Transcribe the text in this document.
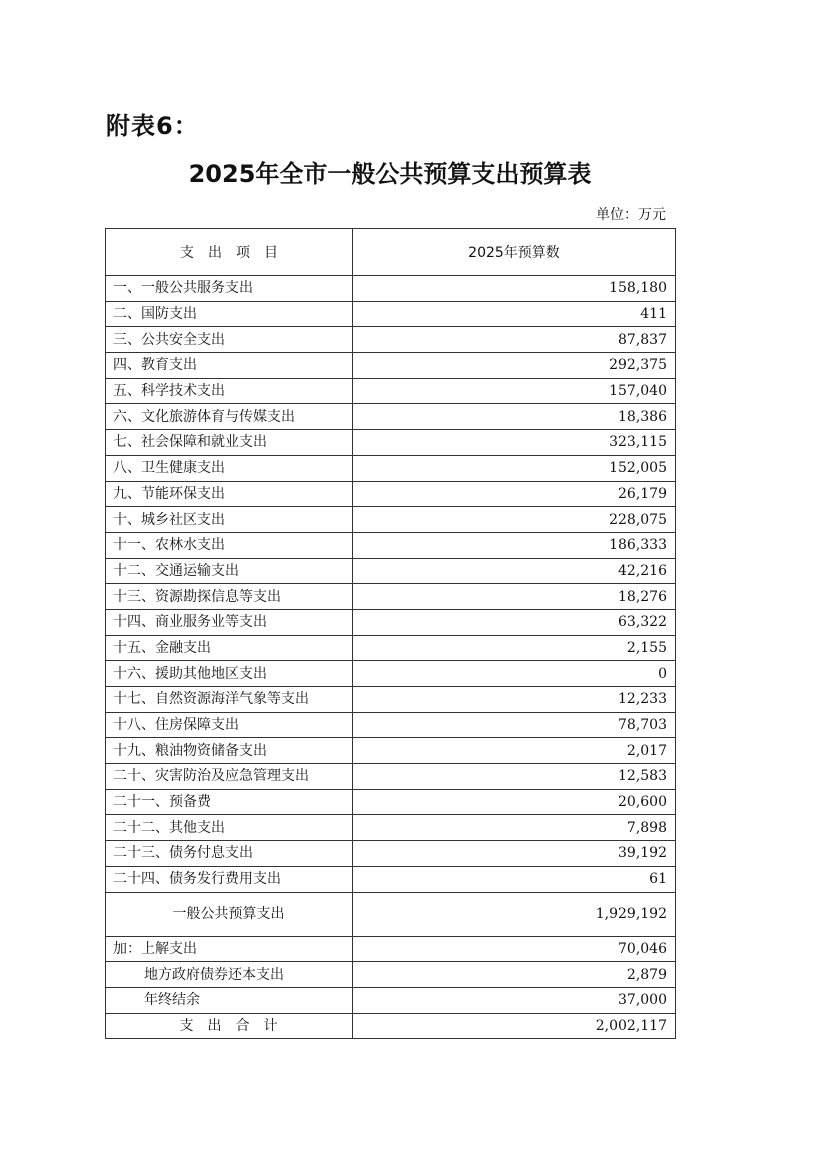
附表6：
2025年全市一般公共预算支出预算表
单位：万元
支　出　项　目	2025年预算数
一、一般公共服务支出	158,180
二、国防支出	411
三、公共安全支出	87,837
四、教育支出	292,375
五、科学技术支出	157,040
六、文化旅游体育与传媒支出	18,386
七、社会保障和就业支出	323,115
八、卫生健康支出	152,005
九、节能环保支出	26,179
十、城乡社区支出	228,075
十一、农林水支出	186,333
十二、交通运输支出	42,216
十三、资源勘探信息等支出	18,276
十四、商业服务业等支出	63,322
十五、金融支出	2,155
十六、援助其他地区支出	0
十七、自然资源海洋气象等支出	12,233
十八、住房保障支出	78,703
十九、粮油物资储备支出	2,017
二十、灾害防治及应急管理支出	12,583
二十一、预备费	20,600
二十二、其他支出	7,898
二十三、债务付息支出	39,192
二十四、债务发行费用支出	61
一般公共预算支出	1,929,192
加：上解支出	70,046
地方政府债券还本支出	2,879
年终结余	37,000
支　出　合　计	2,002,117
